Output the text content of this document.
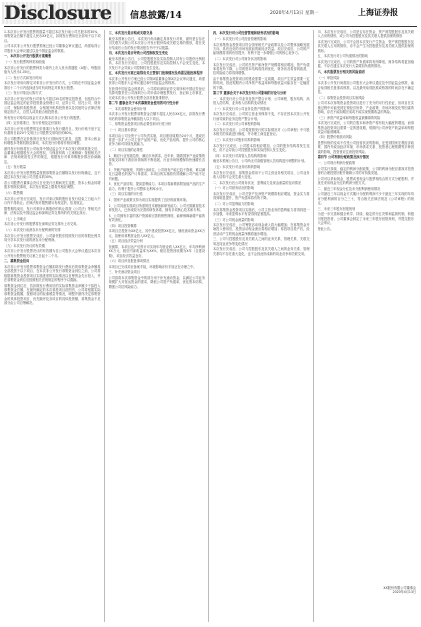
Disclosure	信息披露/14	2020年4月13日 星期一	上海证券报

1.本次非公开发行股票的数量不超过本次发行前公司总股本的30%，募集资金总额不超过人民币XX亿元，扣除发行费用后全部用于以下项目。

公司本次非公开发行股票预案已经公司董事会审议通过，尚需取得公司股东大会审议通过以及中国证监会的核准。

一、本次非公开发行股票方案概要

（一）发行股票的种类和面值

本次非公开发行的股票种类为境内上市人民币普通股（A股），每股面值为人民币1.00元。

（二）发行方式和发行时间

本次发行采用向特定对象非公开发行的方式，公司将在中国证监会核准后十二个月内选择适当时机向特定对象发行股票。

（三）发行对象及认购方式

本次非公开发行的发行对象为不超过35名的特定投资者，包括符合中国证监会规定的证券投资基金管理公司、证券公司、信托公司、财务公司、保险机构投资者、合格境外机构投资者以及其他符合法律法规规定的法人、自然人或其他合格投资者。

所有发行对象均以现金方式认购本次非公开发行的股票。

（四）定价基准日、发行价格及定价原则

本次非公开发行股票的定价基准日为发行期首日。发行价格不低于定价基准日前20个交易日公司股票交易均价的80%。

若公司股票在定价基准日至发行日期间发生派息、送股、资本公积金转增股本等除权除息事项，本次发行价格将作相应调整。

最终发行价格将在公司取得中国证监会关于本次发行的核准批文后，由董事会根据股东大会的授权，与保荐机构（主承销商）按照相关法律、法规和规范性文件的规定，根据发行对象申购报价情况协商确定。

（五）发行数量

本次非公开发行股票数量按照募集资金总额除以发行价格确定，且不超过本次发行前公司总股本的30%。

若公司股票在董事会决议日至发行日期间发生送股、资本公积金转增股本等除权事项，本次发行数量上限将作相应调整。

（六）限售期

本次非公开发行完成后，发行对象认购的股份自发行结束之日起六个月内不得转让。法律法规对限售期另有规定的，依其规定。

限售期结束后，发行对象所认购股份的转让将按《公司法》等相关法律、法规以及中国证监会和深圳证券交易所的有关规定执行。

（七）上市地点

本次非公开发行的股票将在深圳证券交易所上市交易。

（八）本次发行前滚存未分配利润的安排

本次非公开发行股票完成后，公司新老股东按照发行后的持股比例共同分享本次发行前的滚存未分配利润。

（九）本次发行决议的有效期

本次非公开发行股票决议的有效期为自公司股东大会审议通过本次非公开发行股票相关议案之日起十二个月。

二、募集资金投向

本次非公开发行股票募集资金总额扣除发行费用后的募集资金净额将全部投资于以下项目，在本次非公开发行募集资金到位之前，公司将根据募集资金投资项目实施进度的实际情况以自筹资金先行投入，并在募集资金到位后按照相关法规规定的程序予以置换。

募集资金到位后，若扣除发行费用后的实际募集资金净额少于拟投入募集资金总额，在最终确定的本次募投项目范围内，公司将根据实际募集资金数额，按照项目的轻重缓急等情况，调整并最终决定募集资金的具体投资项目、优先顺序及各项目的具体投资额，募集资金不足部分由公司自筹解决。

三、本次发行是否构成关联交易

截至本预案公告日，本次发行尚未确定具体发行对象，最终是否存在因关联方认购公司本次非公开发行股份构成关联交易的情形，将在发行结束后公告的发行情况报告书中予以披露。

四、本次发行是否导致公司控制权发生变化

截至本预案公告日，公司控股股东及实际控制人持有公司股份比例较高，本次发行完成后，公司控股股东及实际控制人不会发生变化，本次发行不会导致公司控制权发生变化。

五、本次发行方案已取得有关主管部门批准情况及尚需呈报批准程序

本次非公开发行方案已经公司第X届董事会第X次会议审议通过，尚需获得公司股东大会审议通过和中国证监会的核准。

在获得中国证监会核准后，公司将向深圳证券交易所和中国证券登记结算有限责任公司深圳分公司申请办理股票发行、登记和上市事宜，完成本次非公开发行股票全部呈报批准程序。

第二节 董事会关于本次募集资金使用的可行性分析

一、本次募集资金使用计划

本次非公开发行股票募集资金总额不超过人民币XX亿元，扣除发行费用后的募集资金净额拟投入以下项目。

二、募集资金投资项目的必要性和可行性分析

（一）项目基本情况

本项目由公司全资子公司负责实施，项目建设周期为24个月，建成后将进一步扩大公司主营产品的产能，优化产品结构，提升公司的核心竞争力和可持续发展能力。

（二）项目实施的必要性

1、顺应行业发展趋势，满足市场需求。近年来，随着国家产业政策的持续支持和下游应用领域的不断拓展，行业市场规模保持快速增长态势。

2、突破产能瓶颈，巩固行业地位。公司现有产能已趋于饱和，难以满足日益增长的客户订单需求，本项目的实施将有效缓解公司产能不足的问题。

3、优化产品结构，提高盈利能力。本项目将新增高附加值产品的生产能力，有利于提升公司整体毛利率水平。

（三）项目实施的可行性

1、国家产业政策支持为项目实施提供了良好的政策环境。

2、公司具备实施项目所需的技术储备和研发能力。公司长期重视技术研发投入，已形成较为完善的研发体系，拥有多项核心技术和专利。

3、公司拥有丰富的客户资源和完善的销售网络，能够保障新增产能的有效消化。

（四）项目投资概算

本项目总投资为XX亿元，其中建设投资XX亿元，铺底流动资金XX万元，拟使用募集资金投入XX亿元。

（五）项目经济效益分析

经测算，本项目达产后预计可实现年均营业收入XX亿元，年均净利润XX万元，税后内部收益率为XX%，税后投资回收期为X年（含建设期），项目经济效益良好。

（六）项目涉及报批事项情况

本项目已完成项目备案手续，环境影响评价手续正在办理之中。

三、补充流动资金项目

公司拟将本次募集资金中的部分用于补充流动资金，以满足公司业务规模扩大对营运资金的需求，降低公司资产负债率，优化资本结构，增强公司抗风险能力。

四、本次发行对公司经营管理和财务状况的影响

（一）本次发行对公司经营管理的影响

本次募集资金投资项目符合国家相关产业政策以及公司整体战略发展方向，具有良好的市场发展前景和经济效益。项目完成后，公司的产能规模将得到有效提升，有利于进一步增强公司的核心竞争力。

（二）本次发行对公司财务状况的影响

本次发行完成后，公司的总资产和净资产规模将相应增加，资产负债率将有所下降，公司的资本结构将得到优化，财务状况将得到改善，抗风险能力将得到增强。

由于募集资金投资项目的建设需要一定周期，项目产生效益需要一定的时间，因此短期内公司净资产收益率和每股收益可能存在一定幅度的下降。

第三节 董事会关于本次发行对公司影响的讨论与分析

一、本次发行后公司业务及资产整合计划、公司章程、股东结构、高管人员结构、业务收入结构的变动情况

（一）本次发行对公司业务及资产的影响

本次发行完成后，公司的主营业务保持不变，不存在因本次非公开发行而导致的业务及资产整合计划。

（二）本次发行对公司章程的影响

本次发行完成后，公司将按照发行的实际情况对《公司章程》中与股本相关的条款进行修改，并办理工商变更登记。

（三）本次发行对股东结构的影响

本次发行完成后，公司股本将相应增加，公司的股东结构将发生变化，但不会导致公司控股股东和实际控制人发生变化。

（四）本次发行对高管人员结构的影响

截至本预案公告日，公司尚无对高级管理人员结构进行调整的计划。

（五）本次发行对业务结构的影响

本次发行完成后，募集资金将用于公司主营业务相关项目，公司业务收入结构不会发生重大变化。

二、本次发行后公司财务状况、盈利能力及现金流量的变动情况

（一）对公司财务状况的影响

本次发行完成后，公司总资产及净资产规模将相应增加，资金实力将得到明显提升，资产负债率将有所下降。

（二）对公司盈利能力的影响

本次募集资金投资项目实施后，公司主营业务的盈利能力将得到进一步加强，未来盈利水平有望得到显著提高。

（三）对公司现金流量的影响

本次发行完成后，公司筹资活动现金流入将大幅增加；在募集资金开始投入使用后，投资活动现金流出将相应增加；募投项目投产后，经营活动产生的现金流量净额将逐步增加。

三、公司与控股股东及其关联人之间的业务关系、管理关系、关联交易及同业竞争等变化情况

本次发行完成后，公司与控股股东及其关联人之间的业务关系、管理关系均不存在重大变化，也不会因此形成新的同业竞争和关联交易。

四、本次发行完成后，公司是否存在资金、资产被控股股东及其关联人占用的情形，或公司为控股股东及其关联人提供担保的情形

本次发行完成后，公司不会因本次发行产生资金、资产被控股股东及其关联人占用的情形，亦不会产生为控股股东及其关联人提供担保的情形。

五、本次发行对公司负债情况的影响

本次发行完成后，公司的资产负债率将有所降低，财务结构将更加稳健，不存在通过本次发行大量增加负债的情况。

六、本次股票发行相关的风险说明

（一）审批风险

本次非公开发行尚需经公司股东大会审议通过及中国证监会核准，能否取得相关批准或核准，以及最终取得批准或核准的时间存在不确定性。

（二）募集资金投资项目实施风险

公司对本次募集资金投资项目进行了充分的可行性论证，但项目在实施过程中可能受到宏观经济形势、产业政策、市场环境变化等因素的影响，存在不能如期完成或不能实现预期收益的风险。

（三）净资产收益率和每股收益被摊薄的风险

本次发行完成后，公司的总股本和净资产将有较大幅度的增加，而募集资金投资项目需要一定的建设期，短期内公司净资产收益率和每股收益可能被摊薄。

（四）股票价格波动风险

股票价格的变动不仅受公司经营状况的影响，还受到国家宏观经济政策、国内外政治经济环境、市场供求关系、投资者心理预期等多种因素的影响，投资者应注意投资风险。

第四节 公司利润分配政策及执行情况

一、公司现行利润分配政策

公司实行持续、稳定的利润分配政策，公司的利润分配应重视对投资者的合理投资回报并兼顾公司的可持续发展。

公司可以采取现金、股票或者现金与股票相结合的方式分配股利，并优先采用现金分红的利润分配方式。

二、最近三年现金分红及未分配利润使用情况

公司最近三年以现金方式累计分配的利润不少于最近三年实现的年均可分配利润的百分之三十，符合相关法律法规及《公司章程》的规定。

三、未来三年股东回报规划

为进一步完善和健全科学、持续、稳定的分红决策和监督机制，积极回报投资者，公司董事会制定了未来三年股东回报规划，并提交股东大会审议。

特此公告。

XX股份有限公司董事会
2020年4月13日
